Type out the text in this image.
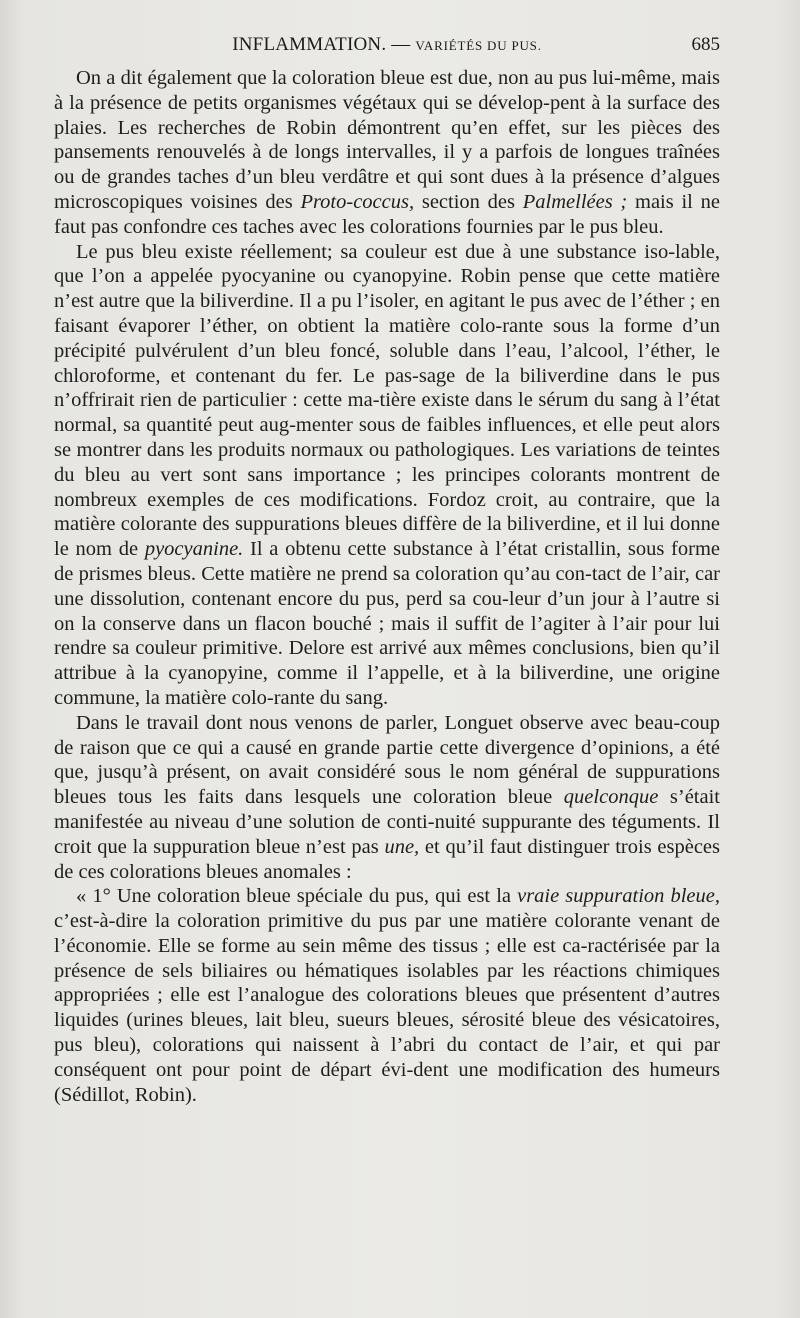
INFLAMMATION. — VARIÉTÉS DU PUS.	685

On a dit également que la coloration bleue est due, non au pus lui-même, mais à la présence de petits organismes végétaux qui se dévelop-pent à la surface des plaies. Les recherches de Robin démontrent qu’en effet, sur les pièces des pansements renouvelés à de longs intervalles, il y a parfois de longues traînées ou de grandes taches d’un bleu verdâtre et qui sont dues à la présence d’algues microscopiques voisines des Proto-coccus, section des Palmellées ; mais il ne faut pas confondre ces taches avec les colorations fournies par le pus bleu.

Le pus bleu existe réellement; sa couleur est due à une substance iso-lable, que l’on a appelée pyocyanine ou cyanopyine. Robin pense que cette matière n’est autre que la biliverdine. Il a pu l’isoler, en agitant le pus avec de l’éther ; en faisant évaporer l’éther, on obtient la matière colo-rante sous la forme d’un précipité pulvérulent d’un bleu foncé, soluble dans l’eau, l’alcool, l’éther, le chloroforme, et contenant du fer. Le pas-sage de la biliverdine dans le pus n’offrirait rien de particulier : cette ma-tière existe dans le sérum du sang à l’état normal, sa quantité peut aug-menter sous de faibles influences, et elle peut alors se montrer dans les produits normaux ou pathologiques. Les variations de teintes du bleu au vert sont sans importance ; les principes colorants montrent de nombreux exemples de ces modifications. Fordoz croit, au contraire, que la matière colorante des suppurations bleues diffère de la biliverdine, et il lui donne le nom de pyocyanine. Il a obtenu cette substance à l’état cristallin, sous forme de prismes bleus. Cette matière ne prend sa coloration qu’au con-tact de l’air, car une dissolution, contenant encore du pus, perd sa cou-leur d’un jour à l’autre si on la conserve dans un flacon bouché ; mais il suffit de l’agiter à l’air pour lui rendre sa couleur primitive. Delore est arrivé aux mêmes conclusions, bien qu’il attribue à la cyanopyine, comme il l’appelle, et à la biliverdine, une origine commune, la matière colo-rante du sang.

Dans le travail dont nous venons de parler, Longuet observe avec beau-coup de raison que ce qui a causé en grande partie cette divergence d’opinions, a été que, jusqu’à présent, on avait considéré sous le nom général de suppurations bleues tous les faits dans lesquels une coloration bleue quelconque s’était manifestée au niveau d’une solution de conti-nuité suppurante des téguments. Il croit que la suppuration bleue n’est pas une, et qu’il faut distinguer trois espèces de ces colorations bleues anomales :

« 1° Une coloration bleue spéciale du pus, qui est la vraie suppuration bleue, c’est-à-dire la coloration primitive du pus par une matière colorante venant de l’économie. Elle se forme au sein même des tissus ; elle est ca-ractérisée par la présence de sels biliaires ou hématiques isolables par les réactions chimiques appropriées ; elle est l’analogue des colorations bleues que présentent d’autres liquides (urines bleues, lait bleu, sueurs bleues, sérosité bleue des vésicatoires, pus bleu), colorations qui naissent à l’abri du contact de l’air, et qui par conséquent ont pour point de départ évi-dent une modification des humeurs (Sédillot, Robin).
